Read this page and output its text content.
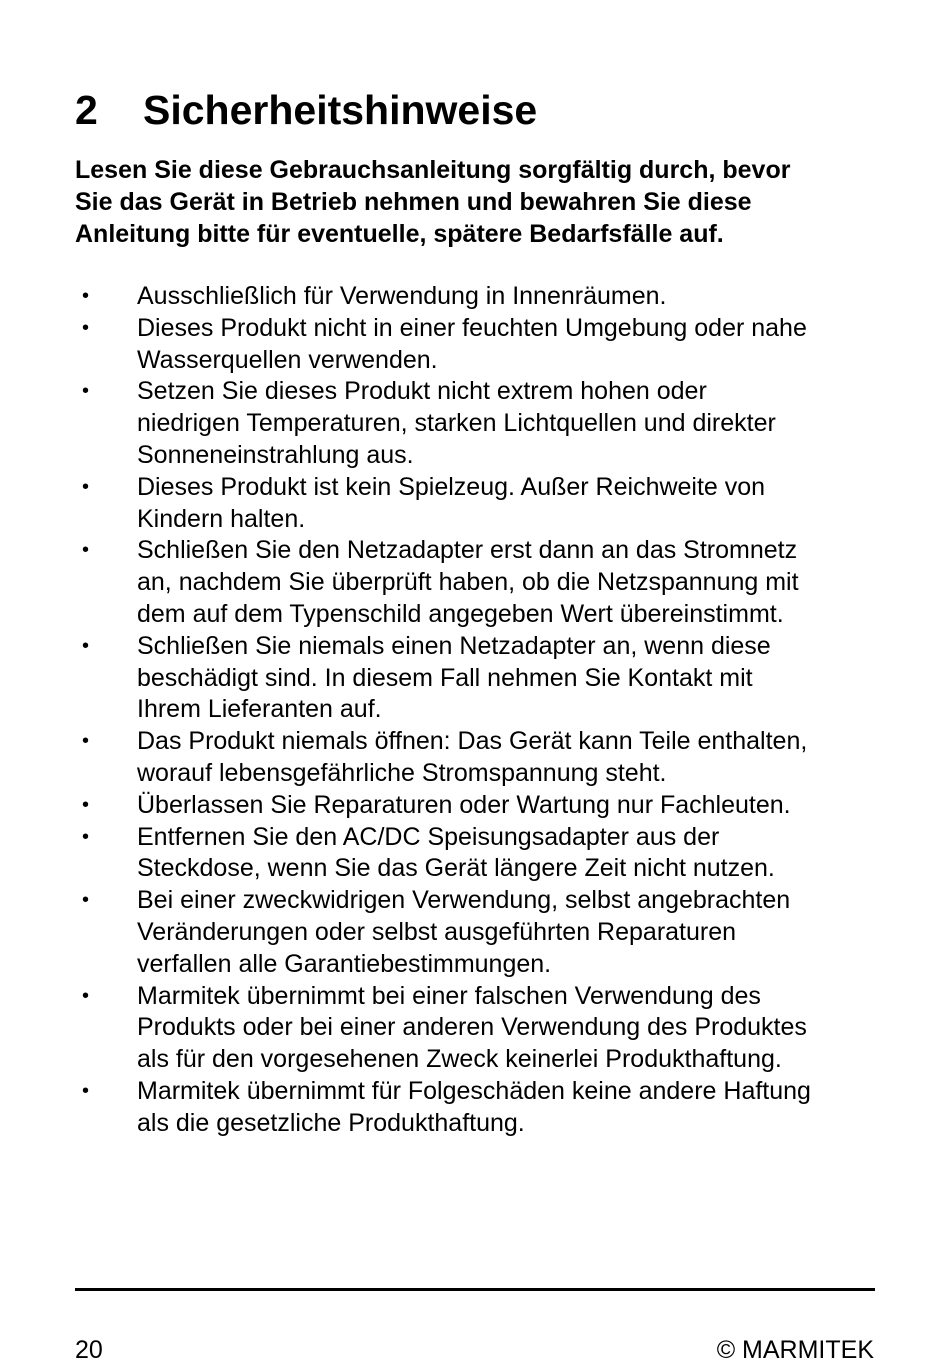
2 Sicherheitshinweise

Lesen Sie diese Gebrauchsanleitung sorgfältig durch, bevor
Sie das Gerät in Betrieb nehmen und bewahren Sie diese
Anleitung bitte für eventuelle, spätere Bedarfsfälle auf.

• Ausschließlich für Verwendung in Innenräumen.
• Dieses Produkt nicht in einer feuchten Umgebung oder nahe
Wasserquellen verwenden.
• Setzen Sie dieses Produkt nicht extrem hohen oder
niedrigen Temperaturen, starken Lichtquellen und direkter
Sonneneinstrahlung aus.
• Dieses Produkt ist kein Spielzeug. Außer Reichweite von
Kindern halten.
• Schließen Sie den Netzadapter erst dann an das Stromnetz
an, nachdem Sie überprüft haben, ob die Netzspannung mit
dem auf dem Typenschild angegeben Wert übereinstimmt.
• Schließen Sie niemals einen Netzadapter an, wenn diese
beschädigt sind. In diesem Fall nehmen Sie Kontakt mit
Ihrem Lieferanten auf.
• Das Produkt niemals öffnen: Das Gerät kann Teile enthalten,
worauf lebensgefährliche Stromspannung steht.
• Überlassen Sie Reparaturen oder Wartung nur Fachleuten.
• Entfernen Sie den AC/DC Speisungsadapter aus der
Steckdose, wenn Sie das Gerät längere Zeit nicht nutzen.
• Bei einer zweckwidrigen Verwendung, selbst angebrachten
Veränderungen oder selbst ausgeführten Reparaturen
verfallen alle Garantiebestimmungen.
• Marmitek übernimmt bei einer falschen Verwendung des
Produkts oder bei einer anderen Verwendung des Produktes
als für den vorgesehenen Zweck keinerlei Produkthaftung.
• Marmitek übernimmt für Folgeschäden keine andere Haftung
als die gesetzliche Produkthaftung.
20	© MARMITEK
